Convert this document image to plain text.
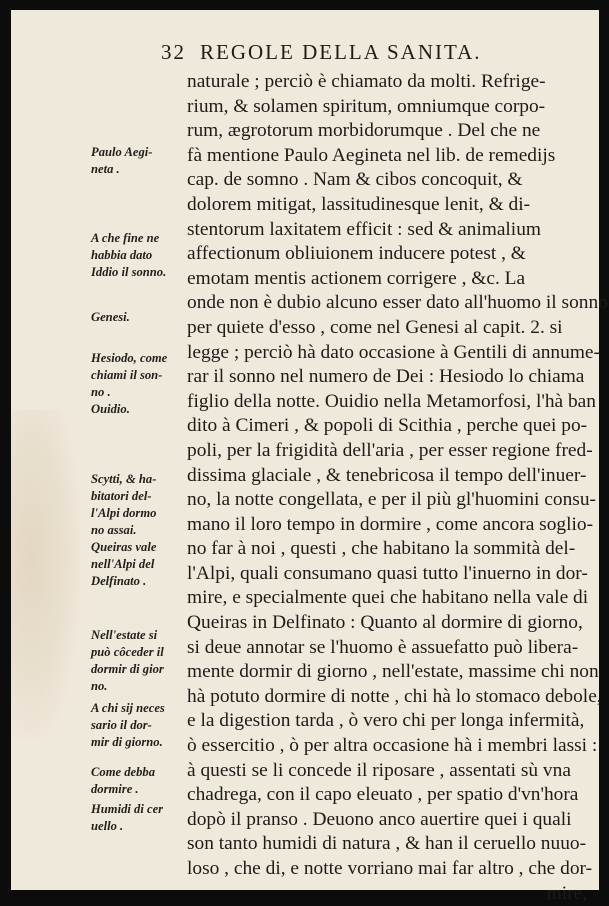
32 REGOLE DELLA SANITA.
naturale ; perciò è chiamato da molti. Refrige-
rium, & solamen spiritum, omniumque corpo-
rum, ægrotorum morbidorumque . Del che ne
fà mentione Paulo Aegineta nel lib. de remedijs
cap. de somno . Nam & cibos concoquit, &
dolorem mitigat, lassitudinesque lenit, & di-
stentorum laxitatem efficit : sed & animalium
affectionum obliuionem inducere potest , &
emotam mentis actionem corrigere , &c. La
onde non è dubio alcuno esser dato all'huomo il sonno
per quiete d'esso , come nel Genesi al capit. 2. si
legge ; perciò hà dato occasione à Gentili di annume-
rar il sonno nel numero de Dei : Hesiodo lo chiama
figlio della notte. Ouidio nella Metamorfosi, l'hà ban
dito à Cimeri , & popoli di Scithia , perche quei po-
poli, per la frigidità dell'aria , per esser regione fred-
dissima glaciale , & tenebricosa il tempo dell'inuer-
no, la notte congellata, e per il più gl'huomini consu-
mano il loro tempo in dormire , come ancora soglio-
no far à noi , questi , che habitano la sommità del-
l'Alpi, quali consumano quasi tutto l'inuerno in dor-
mire, e specialmente quei che habitano nella vale di
Queiras in Delfinato : Quanto al dormire di giorno,
si deue annotar se l'huomo è assuefatto può libera-
mente dormir di giorno , nell'estate, massime chi non
hà potuto dormire di notte , chi hà lo stomaco debole,
e la digestion tarda , ò vero chi per longa infermità,
ò essercitio , ò per altra occasione hà i membri lassi :
à questi se li concede il riposare , assentati sù vna
chadrega, con il capo eleuato , per spatio d'vn'hora
dopò il pranso . Deuono anco auertire quei i quali
son tanto humidi di natura , & han il ceruello nuuo-
loso , che di, e notte vorriano mai far altro , che dor-
mire,
Paulo Aegi-
neta .
A che fine ne
habbia dato
Iddio il sonno.
Genesi.
Hesiodo, come
chiami il son-
no .
Ouidio.
Scytti, & ha-
bitatori del-
l'Alpi dormo
no assai.
Queiras vale
nell'Alpi del
Delfinato .
Nell'estate si
può côceder il
dormir di gior
no.
A chi sij neces
sario il dor-
mir di giorno.
Come debba
dormire .
Humidi di cer
uello .
